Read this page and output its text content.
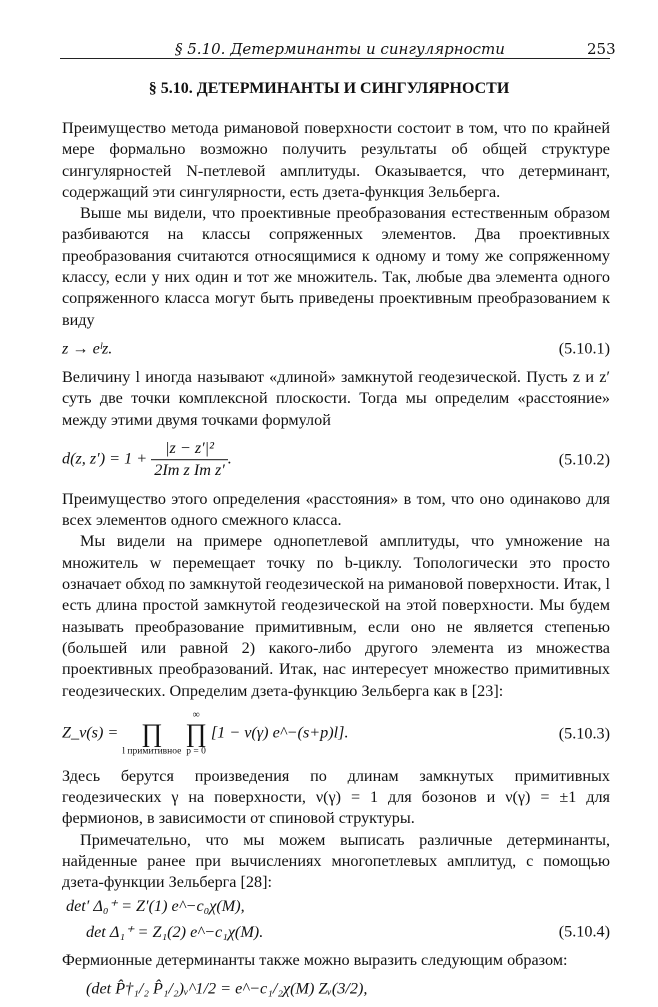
§ 5.10. Детерминанты и сингулярности	253
§ 5.10. ДЕТЕРМИНАНТЫ И СИНГУЛЯРНОСТИ

Преимущество метода римановой поверхности состоит в том, что по крайней мере формально возможно получить результаты об общей структуре сингулярностей N-петлевой амплитуды. Оказывается, что детерминант, содержащий эти сингулярности, есть дзета-функция Зельберга.

Выше мы видели, что проективные преобразования естественным образом разбиваются на классы сопряженных элементов. Два проективных преобразования считаются относящимися к одному и тому же сопряженному классу, если у них один и тот же множитель. Так, любые два элемента одного сопряженного класса могут быть приведены проективным преобразованием к виду

z → eˡz.	(5.10.1)

Величину l иногда называют «длиной» замкнутой геодезической. Пусть z и z′ суть две точки комплексной плоскости. Тогда мы определим «расстояние» между этими двумя точками формулой

d(z, $z') = 1 + \frac{\text{|z − z′|²}}{\text{2Im z Im z′}}$ .	(5.10.2)

Преимущество этого определения «расстояния» в том, что оно одинаково для всех элементов одного смежного класса.

Мы видели на примере однопетлевой амплитуды, что умножение на множитель w перемещает точку по b-циклу. Топологически это просто означает обход по замкнутой геодезической на римановой поверхности. Итак, l есть длина простой замкнутой геодезической на этой поверхности. Мы будем называть преобразование примитивным, если оно не является степенью (большей или равной 2) какого-либо другого элемента из множества проективных преобразований. Итак, нас интересует множество примитивных геодезических. Определим дзета-функцию Зельберга как в [23]:

Z_ν(s) =
∏
l примитивное

∞
∏
p = 0
[1 − ν(γ) e^−(s+p)l].	(5.10.3)

Здесь берутся произведения по длинам замкнутых примитивных геодезических γ на поверхности, ν(γ) = 1 для бозонов и ν(γ) = ±1 для фермионов, в зависимости от спиновой структуры.

Примечательно, что мы можем выписать различные детерминанты, найденные ранее при вычислениях многопетлевых амплитуд, с помощью дзета-функции Зельберга [28]:

det′ Δ₀⁺ = Z′(1) e^−c₀χ(M),
det Δ₁⁺ = Z₁(2) e^−c₁χ(M).	(5.10.4)

Фермионные детерминанты также можно выразить следующим образом:

(det P̂†₁/₂ P̂₁/₂)ᵥ^1/2 = e^−c₁/₂χ(M) Zᵥ(3/2),
